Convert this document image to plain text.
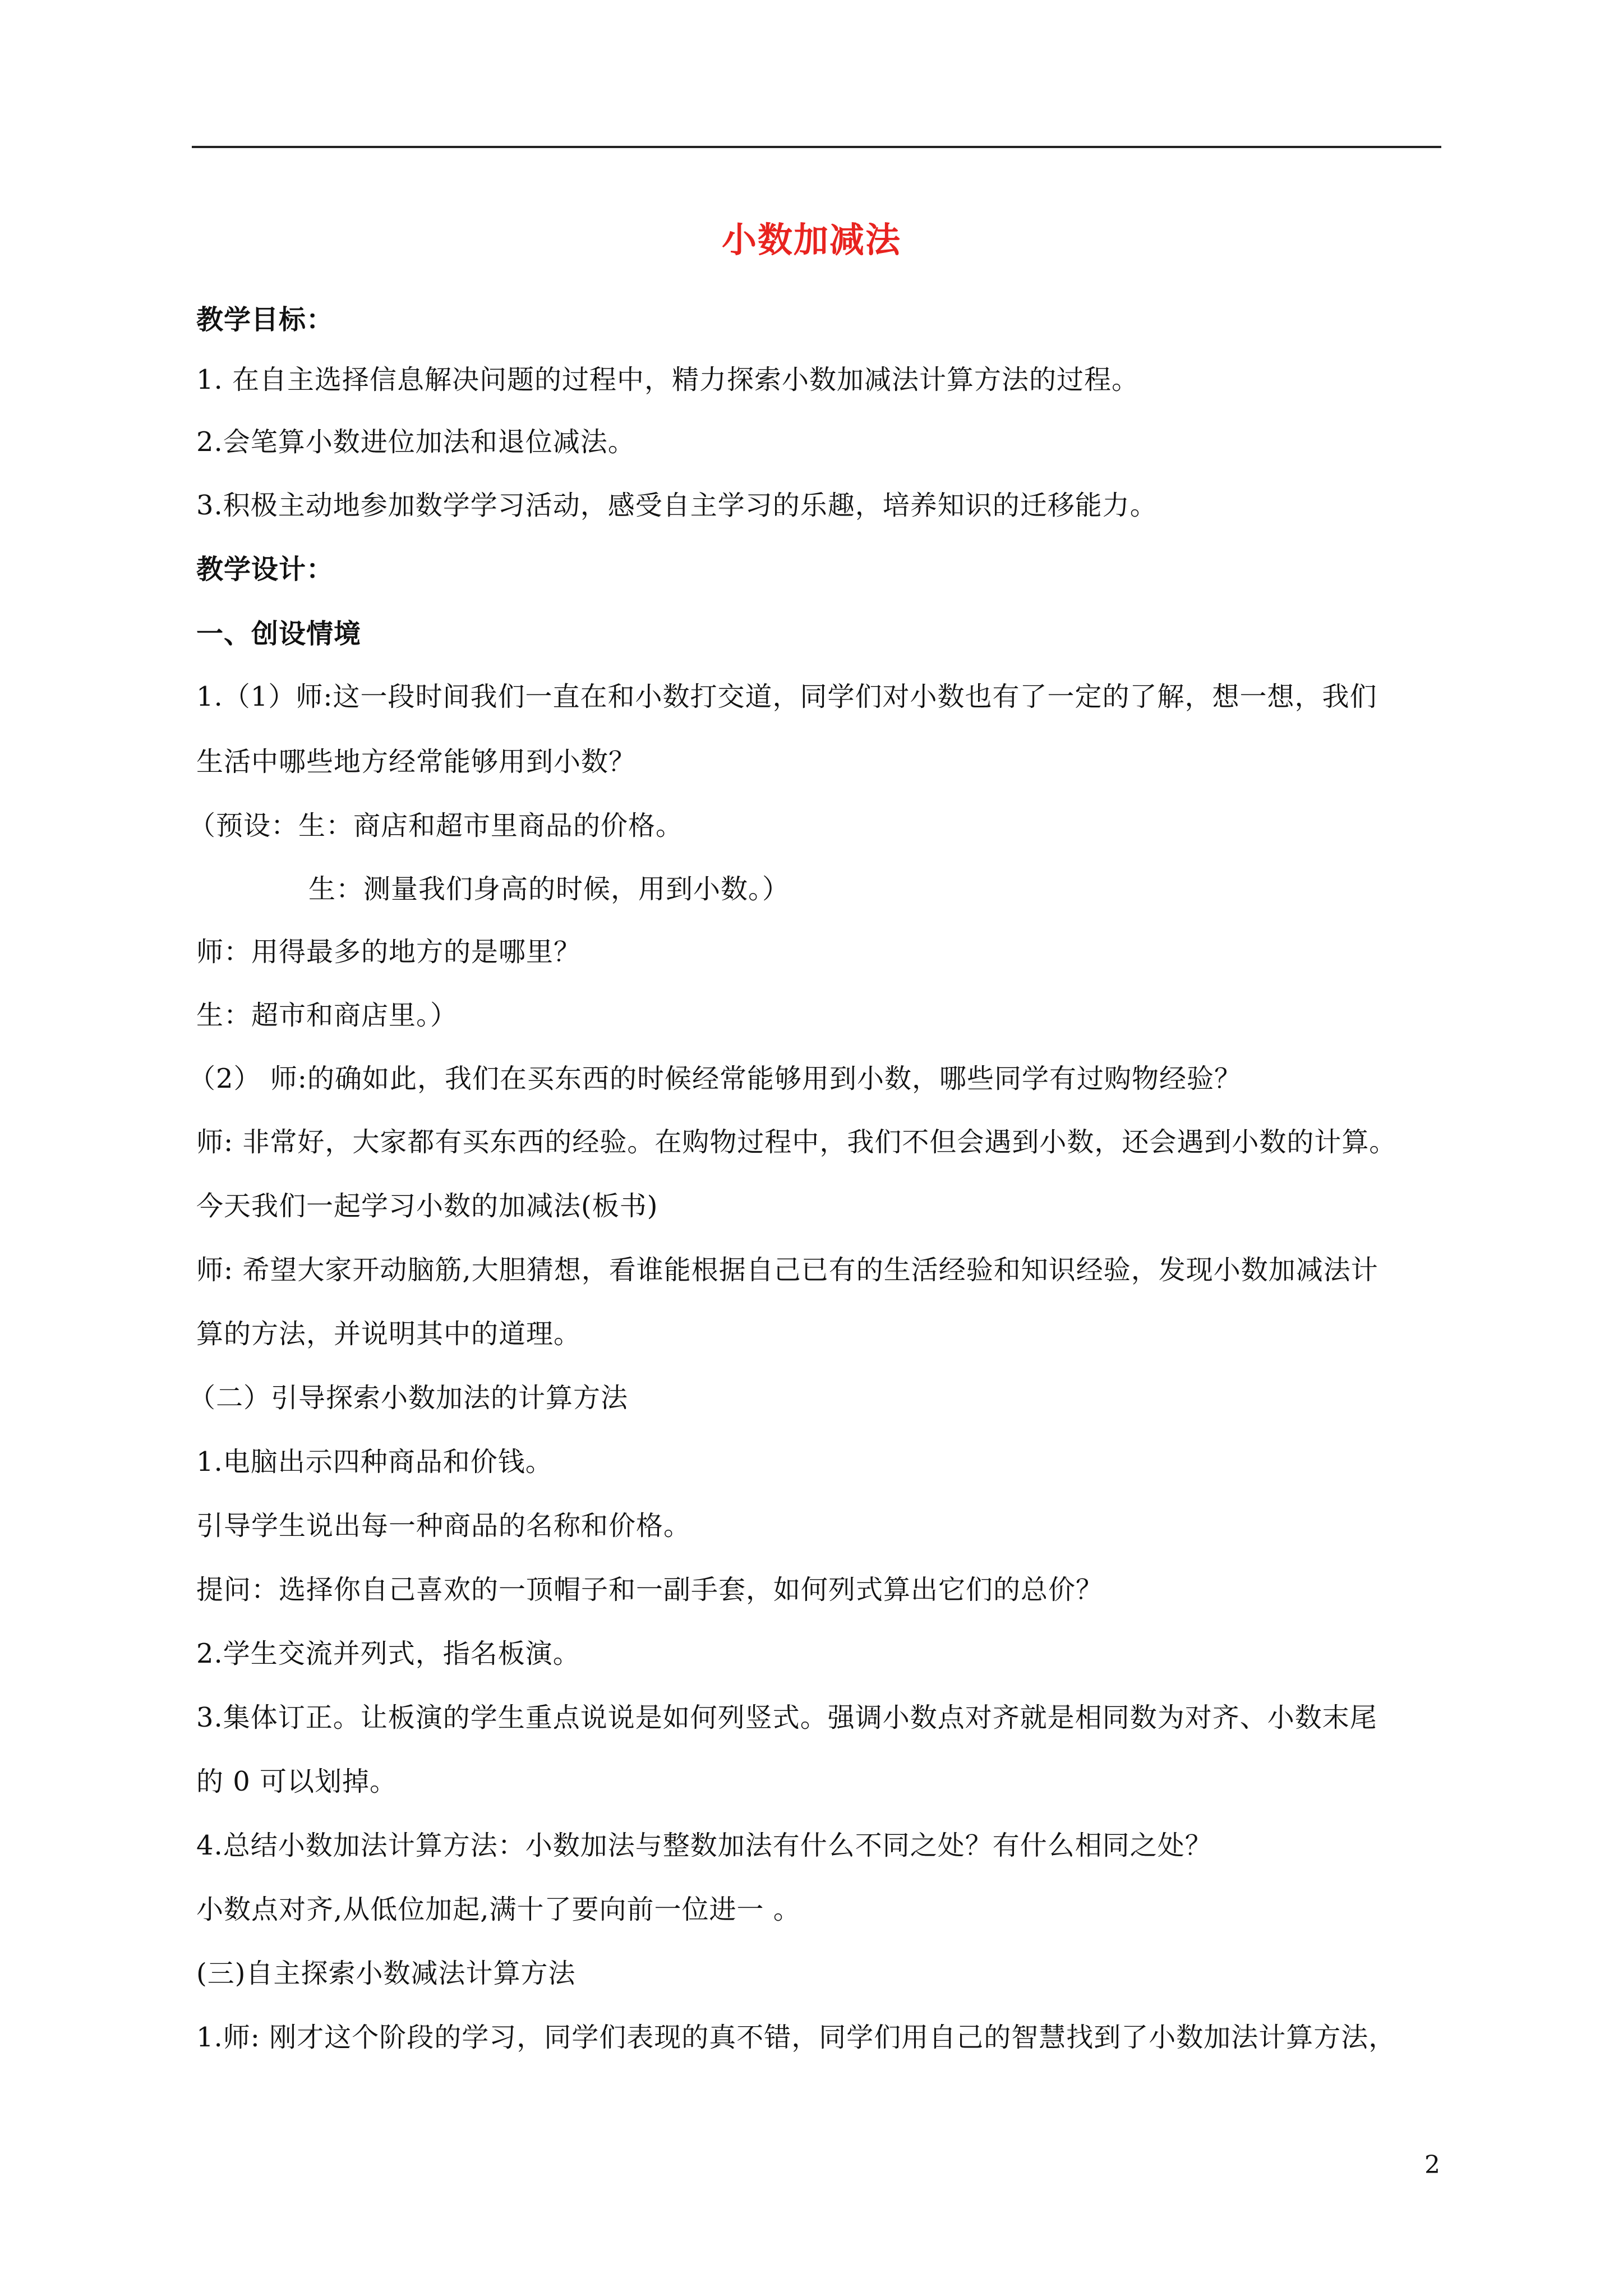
小数加减法
教学目标：
1. 在自主选择信息解决问题的过程中，精力探索小数加减法计算方法的过程。
2.会笔算小数进位加法和退位减法。
3.积极主动地参加数学学习活动，感受自主学习的乐趣，培养知识的迁移能力。
教学设计：
一、创设情境
1.（1）师:这一段时间我们一直在和小数打交道，同学们对小数也有了一定的了解，想一想，我们
生活中哪些地方经常能够用到小数？
（预设：生：商店和超市里商品的价格。
生：测量我们身高的时候，用到小数。）
师：用得最多的地方的是哪里？
生：超市和商店里。）
（2） 师:的确如此，我们在买东西的时候经常能够用到小数，哪些同学有过购物经验？
师: 非常好，大家都有买东西的经验。在购物过程中，我们不但会遇到小数，还会遇到小数的计算。
今天我们一起学习小数的加减法(板书)
师: 希望大家开动脑筋,大胆猜想，看谁能根据自己已有的生活经验和知识经验，发现小数加减法计
算的方法，并说明其中的道理。
（二）引导探索小数加法的计算方法
1.电脑出示四种商品和价钱。
引导学生说出每一种商品的名称和价格。
提问：选择你自己喜欢的一顶帽子和一副手套，如何列式算出它们的总价？
2.学生交流并列式，指名板演。
3.集体订正。让板演的学生重点说说是如何列竖式。强调小数点对齐就是相同数为对齐、小数末尾
的 0 可以划掉。
4.总结小数加法计算方法：小数加法与整数加法有什么不同之处？有什么相同之处？
小数点对齐,从低位加起,满十了要向前一位进一 。
(三)自主探索小数减法计算方法
1.师: 刚才这个阶段的学习，同学们表现的真不错，同学们用自己的智慧找到了小数加法计算方法，
2
